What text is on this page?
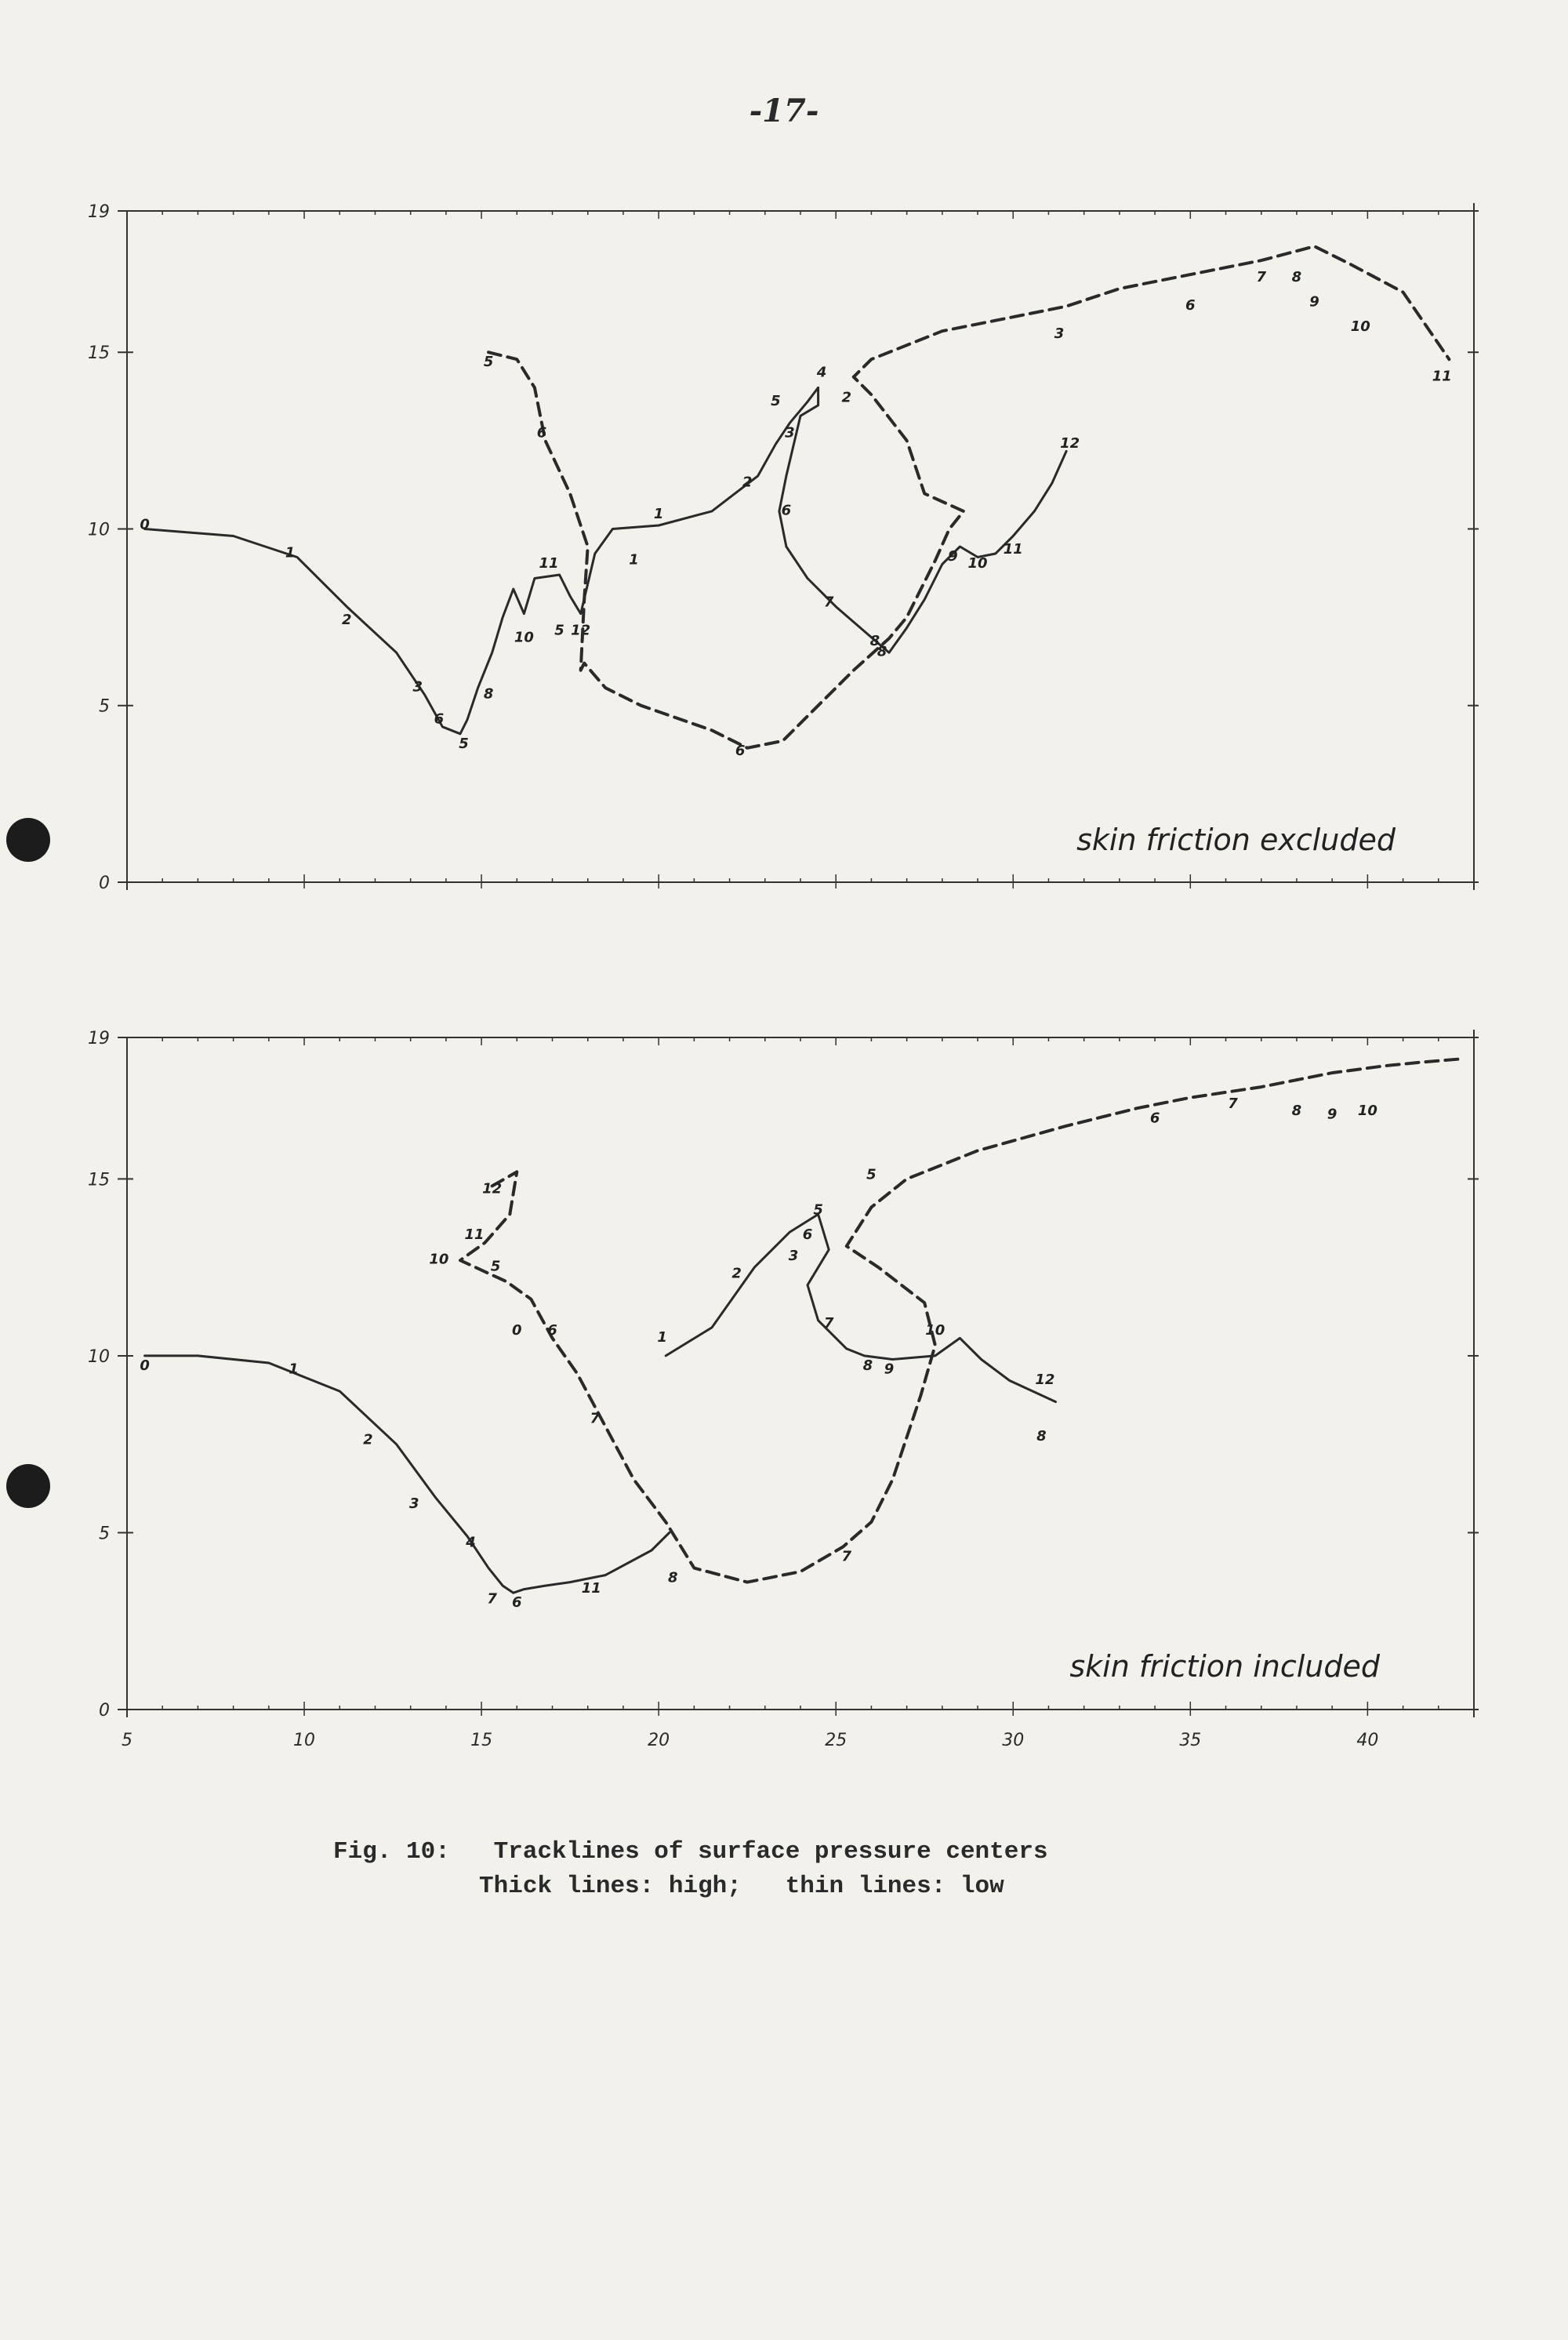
-17-
0
5
10
15
19
0
1
2
3
6
5
8
10
11
5 12
1
2
3
5
4
6
7
8
9 10
11
12
5
6
2
1
6
8
3
6
7 8
9
10
11
skin friction excluded
0
5
10
15
19
5	10	15	20	25	30	35	40
0	1
2
3
4
7 6
11
1
2
3
6
5
7
8 9
10
12
8
12
11
10	5
0 6
7
8
7
5
6
7	8 9 10
skin friction included
Fig. 10: Tracklines of surface pressure centers
Thick lines: high;   thin lines: low
